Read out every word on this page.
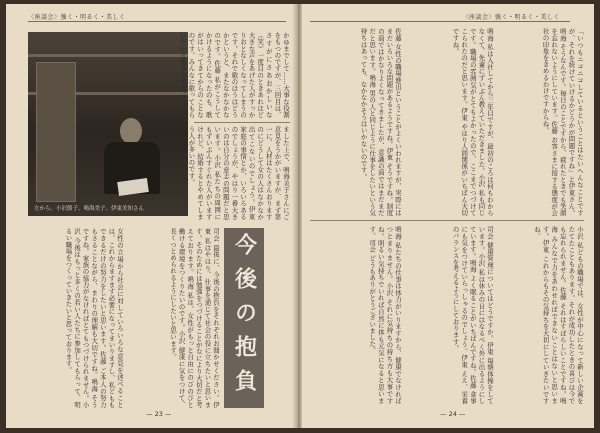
〈座談会〉強く・明るく・美しく
左から、小沢節子、鳴海美子、伊東美知さん
かゆまでして……大事な役割をもつのですが、三回目は、さすがにさあおかしいな（笑）一度目のときあれほど大きな声をあげた人がすっかりおとなしくなってしまうのです。それで歌のほうはどうかというと、またなかなかなのです。佐藤 私がこうしてかけるようになったのも、歌がはいってきてからのことなのです。みんなに歌ってもらいたいと思うのです。
ました上で、鳴海美子さんにご意見をうかがいますが、まず第一に、人材はたくさんおりますのにどうして女の人はなかなか出てこないのでしょう。伊東 家庭の事情とか、いろいろあるのでしょうが、やはり一番大きいのは自分の意志の問題だと思います。小沢 私たちの周囲にもずいぶんすぐれた人がいますけれど、結婚するとやめてしまう人が多いのです。
今後の抱負
女性の立場から社会に対していろいろな意見を述べることは、これからますます必要になってまいりますし、私どももできるだけの努力をしたいと思います。佐藤 ご本人の努力もさることながら、まわりの理解も大切ですね。鳴海 そうですね。家族の協力がなければとてもつづけられません。小沢 今後はもっと多くの若い人たちに参加してもらって、明るい職場をつくっていきたいと思っております。	司会 最後に、今後の抱負をそれぞれお聞かせください。伊東 私はやはり、仕事を通じて社会の役に立ちたいと思います。そのためには勉強をつづけることがなにより大切だと考えております。鳴海 私は、女性がもっと自由にのびのびと働ける環境をつくりたいのです。小沢 健康に気をつけて、長くつとめられるようにしたいと思います。
— 23 —
〈座談会〉強く・明るく・美しく
「いつもニコニコしているということはたいへんなことですが、それを続けていけるかどうかが問題ですね」と伊東さん。鳴海 そうなんです。毎日のことですから、疲れたときでも笑顔を忘れないようにしています。佐藤 お客さまに接する態度が会社の印象をきめるわけですからね。
鳴海 私は入社してから三年目ですが、最初のころは何もわからなくて、先輩にずいぶん教えていただきました。小沢 私も同じです。職場の雰囲気がとてもよかったので、ここまでつづけてこられたのだと思います。伊東 やはり人間関係がいちばん大切ですね。
佐藤 女性の職場進出ということがよくいわれますが、実際にはまだいろいろな問題があるようですね。伊東 そうですね。制度の面ではかなりよくなってきましたが、意識の面ではまだまだだと思います。鳴海 男の人と同じように仕事をしたいという気持ちはあっても、なかなかそうはいかないのです。
小沢 私どもの職場では、女性が中心になって新しい企画をたてたこともあります。それが成功したときの喜びは今でも忘れられません。佐藤 それはすばらしいことですね。鳴海 みんなで力をあわせればできないことはないと思います。伊東 これからもその気持ちを大切にしていきたいですね。
司会 健康管理についてはどうですか。伊東 毎朝体操をしています。小沢 私は休みの日にはなるべく外に出るようにしています。鳴海 よく眠ることがいちばんですね。佐藤 食事にも気をつけていらっしゃるのでしょう。伊東 ええ、栄養のバランスを考えるようにしております。
鳴海 私たちの仕事は体力がいりますから、健康でなければつとまりません。小沢 それに気持ちの持ち方も大事ですね。明るい気持ちでいれば自然に体も元気になると思います。司会 どうもありがとうございました。
— 24 —
